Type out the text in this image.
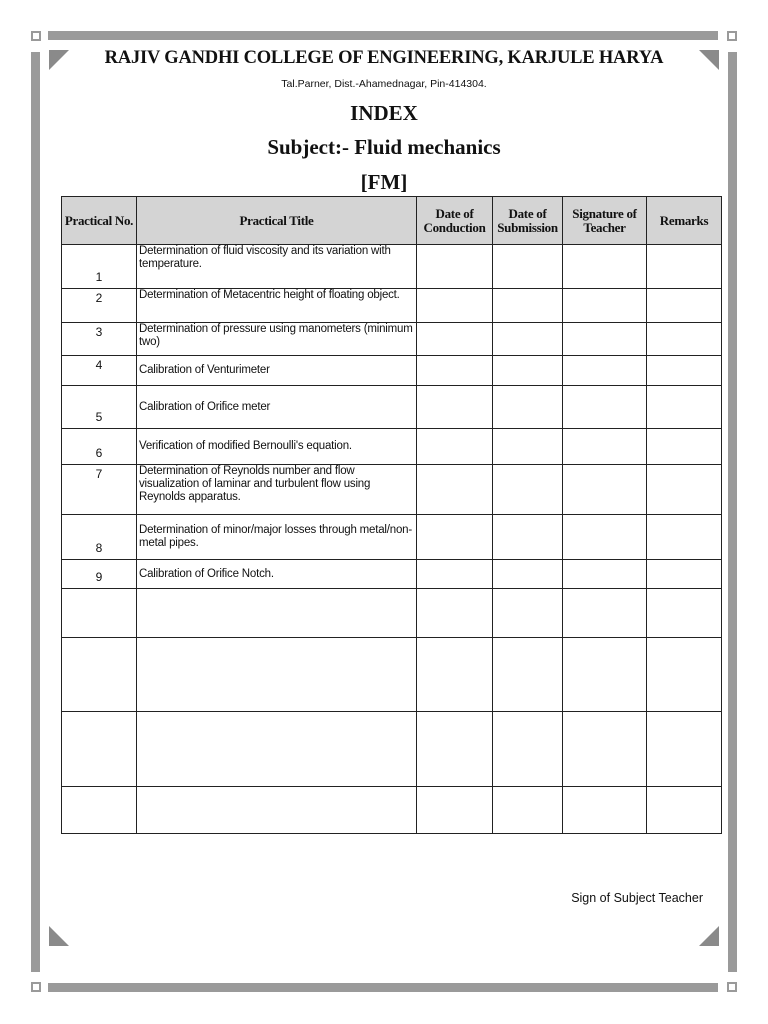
RAJIV GANDHI COLLEGE OF ENGINEERING, KARJULE HARYA
Tal.Parner, Dist.-Ahamednagar, Pin-414304.
INDEX
Subject:- Fluid mechanics
[FM]
Practical No.	Practical Title	Date of Conduction	Date of Submission	Signature of Teacher	Remarks
1	Determination of fluid viscosity and its variation with temperature.				
2	Determination of Metacentric height of floating object.				
3	Determination of pressure using manometers (minimum two)				
4	Calibration of Venturimeter				
5	Calibration of Orifice meter				
6	Verification of modified Bernoulli's equation.				
7	Determination of Reynolds number and flow visualization of laminar and turbulent flow using Reynolds apparatus.				
8	Determination of minor/major losses through metal/non-metal pipes.				
9	Calibration of Orifice Notch.				

Sign of Subject Teacher
